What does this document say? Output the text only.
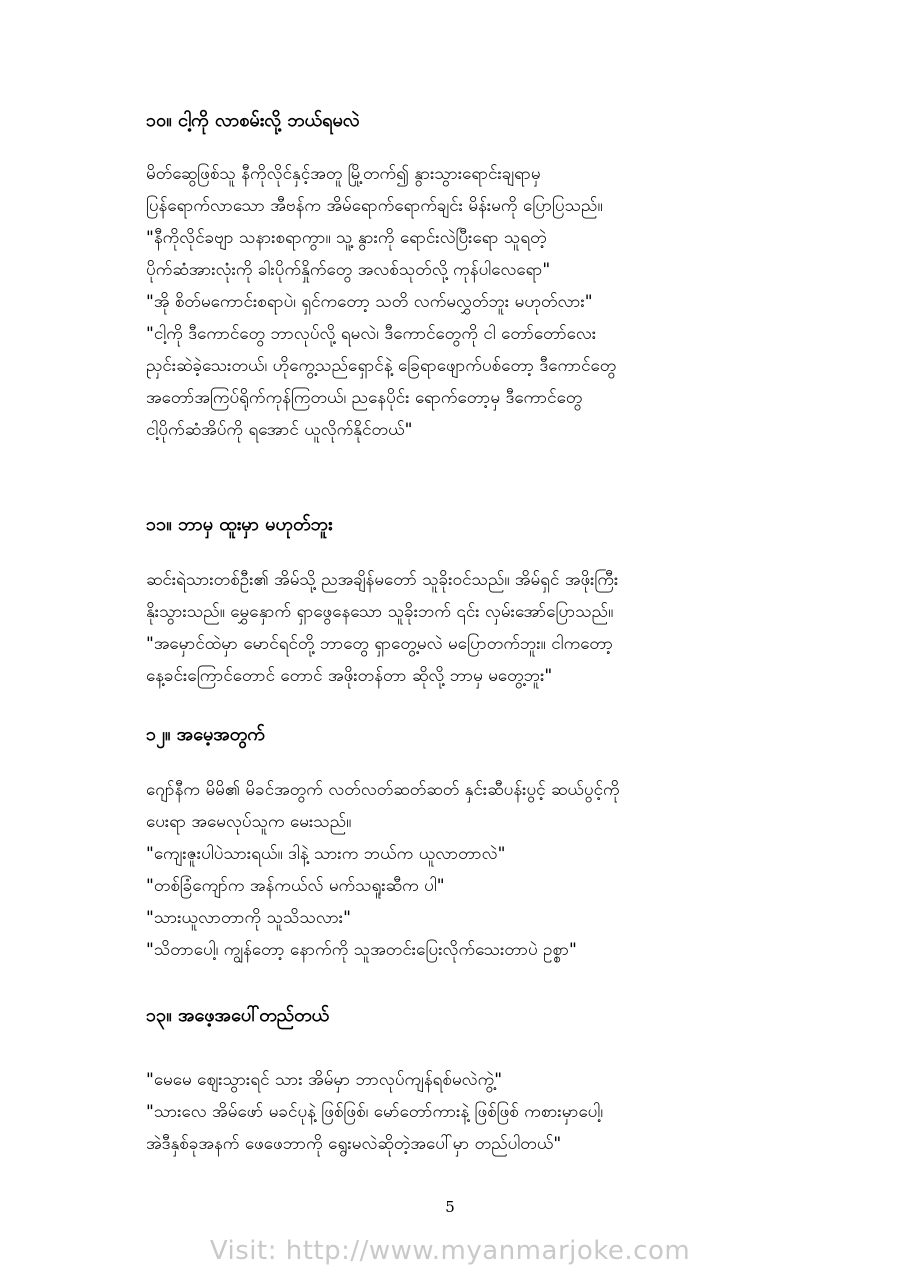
၁၀။ ငါ့ကို လာစမ်းလို့ ဘယ်ရမလဲ
မိတ်ဆွေဖြစ်သူ နီကိုလိုင်နှင့်အတူ မြို့တက်၍ နွားသွားရောင်းချရာမှ
ပြန်ရောက်လာသော အီဗန်က အိမ်ရောက်ရောက်ချင်း မိန်းမကို ပြောပြသည်။
"နီကိုလိုင်ခဗျာ သနားစရာကွာ။ သူ့ နွားကို ရောင်းလဲပြီးရော သူရတဲ့
ပိုက်ဆံအားလုံးကို ခါးပိုက်နှိုက်တွေ အလစ်သုတ်လို့ ကုန်ပါလေရော"
"အို စိတ်မကောင်းစရာပဲ၊ ရှင်ကတော့ သတိ လက်မလွှတ်ဘူး မဟုတ်လား"
"ငါ့ကို ဒီကောင်တွေ ဘာလုပ်လို့ ရမလဲ၊ ဒီကောင်တွေကို ငါ တော်တော်လေး
ညှင်းဆဲခဲ့သေးတယ်၊ ဟိုကွေ့သည်ရှောင်နဲ့ ခြေရာဖျောက်ပစ်တော့ ဒီကောင်တွေ
အတော်အကြပ်ရိုက်ကုန်ကြတယ်၊ ညနေပိုင်း ရောက်တော့မှ ဒီကောင်တွေ
ငါ့ပိုက်ဆံအိပ်ကို ရအောင် ယူလိုက်နိုင်တယ်"
၁၁။ ဘာမှ ထူးမှာ မဟုတ်ဘူး
ဆင်းရဲသားတစ်ဦး၏ အိမ်သို့ ညအချိန်မတော် သူခိုးဝင်သည်။ အိမ်ရှင် အဖိုးကြီး
နိုးသွားသည်။ မွှေနှောက် ရှာဖွေနေသော သူခိုးဘက် ၎င်း လှမ်းအော်ပြောသည်။
"အမှောင်ထဲမှာ မောင်ရင်တို့ ဘာတွေ ရှာတွေ့မလဲ မပြောတက်ဘူး။ ငါကတော့
နေ့ခင်းကြောင်တောင် တောင် အဖိုးတန်တာ ဆိုလို့ ဘာမှ မတွေ့ဘူး"
၁၂။ အမေ့အတွက်
ဂျော်နီက မိမိ၏ မိခင်အတွက် လတ်လတ်ဆတ်ဆတ် နှင်းဆီပန်းပွင့် ဆယ်ပွင့်ကို
ပေးရာ အမေလုပ်သူက မေးသည်။
"ကျေးဇူးပါပဲသားရယ်။ ဒါနဲ့ သားက ဘယ်က ယူလာတာလဲ"
"တစ်ခြံကျော်က အန်ကယ်လ် မက်သရူးဆီက ပါ"
"သားယူလာတာကို သူသိသလား"
"သိတာပေါ့၊ ကျွန်တော့ နောက်ကို သူအတင်းပြေးလိုက်သေးတာပဲ ဥစ္စာ"
၁၃။ အဖေ့အပေါ်တည်တယ်
"မေမေ ဈေးသွားရင် သား အိမ်မှာ ဘာလုပ်ကျန်ရစ်မလဲကွဲ့"
"သားလေ အိမ်ဖော် မခင်ပုနဲ့ ဖြစ်ဖြစ်၊ မော်တော်ကားနဲ့ ဖြစ်ဖြစ် ကစားမှာပေါ့၊
အဲဒီနှစ်ခုအနက် ဖေဖေဘာကို ရွေးမလဲဆိုတဲ့အပေါ်မှာ တည်ပါတယ်"
5
Visit: http://www.myanmarjoke.com
